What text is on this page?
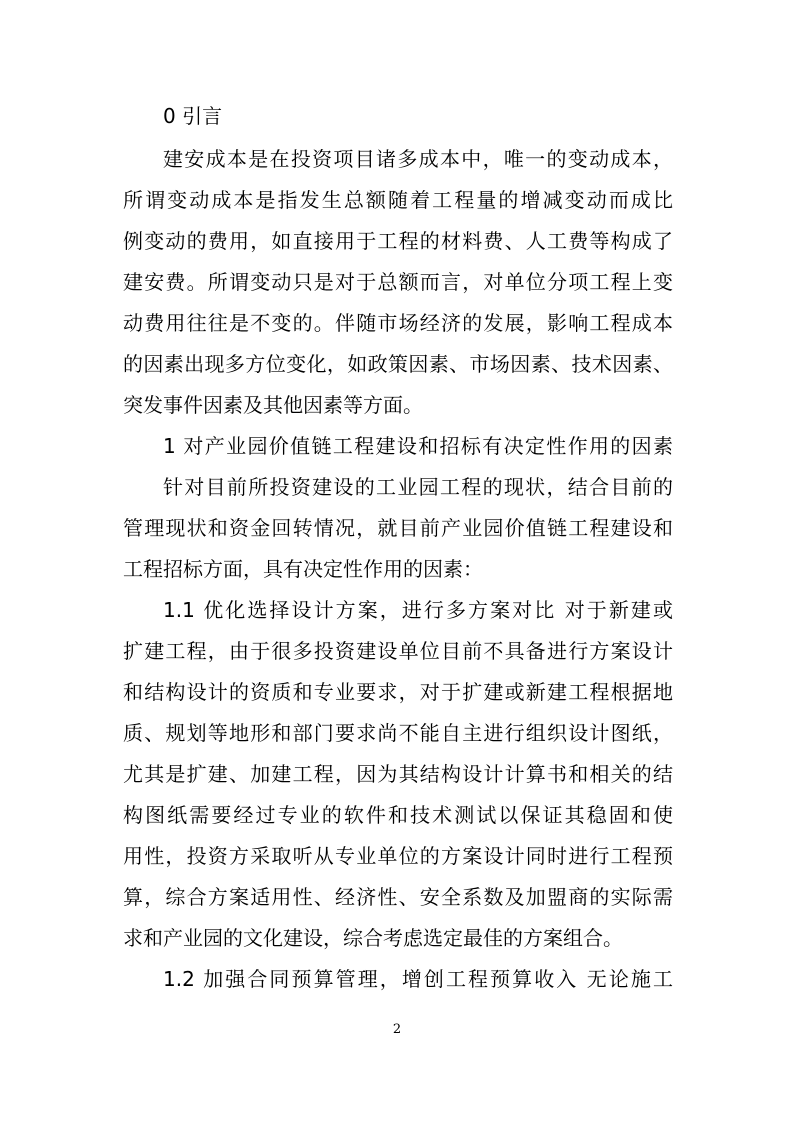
0 引言
建安成本是在投资项目诸多成本中，唯一的变动成本，
所谓变动成本是指发生总额随着工程量的增减变动而成比
例变动的费用，如直接用于工程的材料费、人工费等构成了
建安费。所谓变动只是对于总额而言，对单位分项工程上变
动费用往往是不变的。伴随市场经济的发展，影响工程成本
的因素出现多方位变化，如政策因素、市场因素、技术因素、
突发事件因素及其他因素等方面。
1 对产业园价值链工程建设和招标有决定性作用的因素
针对目前所投资建设的工业园工程的现状，结合目前的
管理现状和资金回转情况，就目前产业园价值链工程建设和
工程招标方面，具有决定性作用的因素：
1.1 优化选择设计方案，进行多方案对比 对于新建或
扩建工程，由于很多投资建设单位目前不具备进行方案设计
和结构设计的资质和专业要求，对于扩建或新建工程根据地
质、规划等地形和部门要求尚不能自主进行组织设计图纸，
尤其是扩建、加建工程，因为其结构设计计算书和相关的结
构图纸需要经过专业的软件和技术测试以保证其稳固和使
用性，投资方采取听从专业单位的方案设计同时进行工程预
算，综合方案适用性、经济性、安全系数及加盟商的实际需
求和产业园的文化建设，综合考虑选定最佳的方案组合。
1.2 加强合同预算管理，增创工程预算收入 无论施工
2
